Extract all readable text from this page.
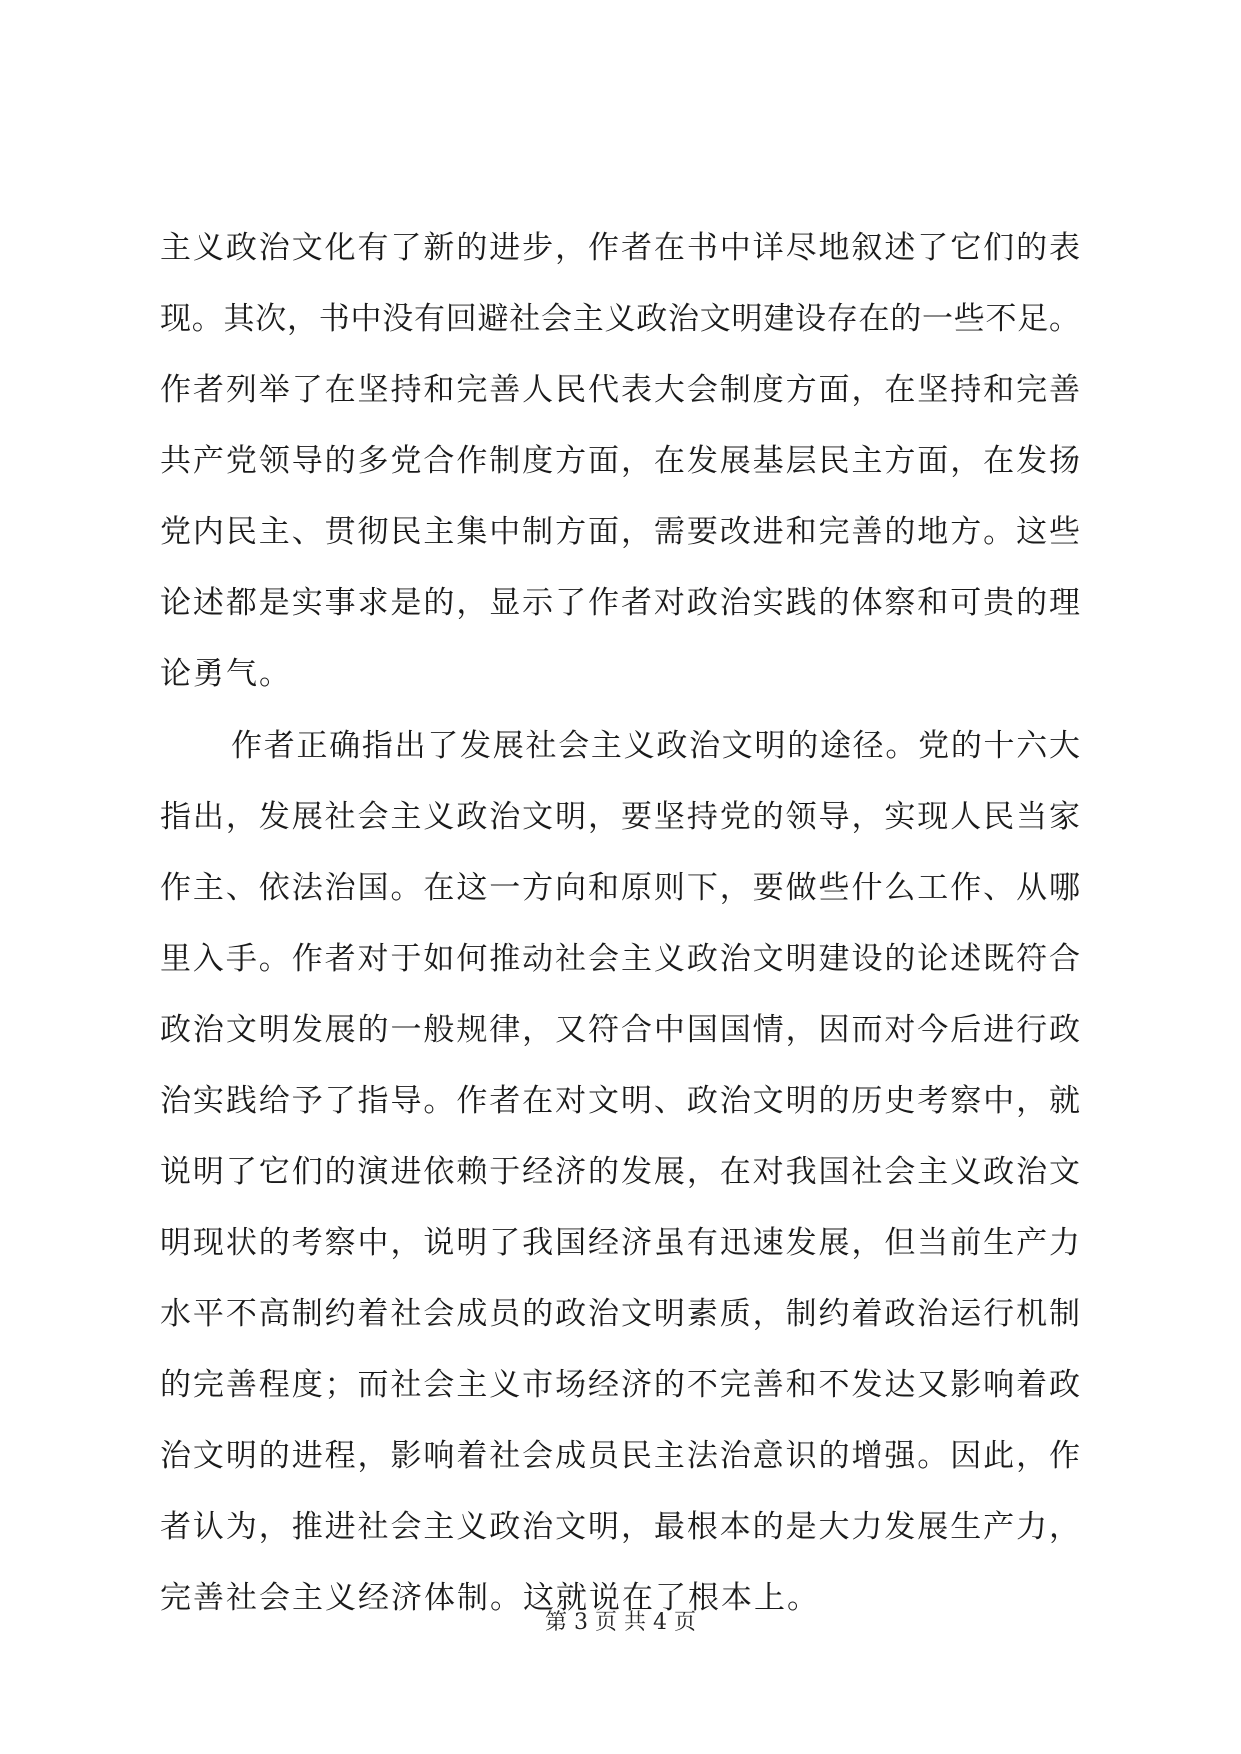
主义政治文化有了新的进步，作者在书中详尽地叙述了它们的表
现。其次，书中没有回避社会主义政治文明建设存在的一些不足。
作者列举了在坚持和完善人民代表大会制度方面，在坚持和完善
共产党领导的多党合作制度方面，在发展基层民主方面，在发扬
党内民主、贯彻民主集中制方面，需要改进和完善的地方。这些
论述都是实事求是的，显示了作者对政治实践的体察和可贵的理
论勇气。
作者正确指出了发展社会主义政治文明的途径。党的十六大
指出，发展社会主义政治文明，要坚持党的领导，实现人民当家
作主、依法治国。在这一方向和原则下，要做些什么工作、从哪
里入手。作者对于如何推动社会主义政治文明建设的论述既符合
政治文明发展的一般规律，又符合中国国情，因而对今后进行政
治实践给予了指导。作者在对文明、政治文明的历史考察中，就
说明了它们的演进依赖于经济的发展，在对我国社会主义政治文
明现状的考察中，说明了我国经济虽有迅速发展，但当前生产力
水平不高制约着社会成员的政治文明素质，制约着政治运行机制
的完善程度；而社会主义市场经济的不完善和不发达又影响着政
治文明的进程，影响着社会成员民主法治意识的增强。因此，作
者认为，推进社会主义政治文明，最根本的是大力发展生产力，
完善社会主义经济体制。这就说在了根本上。
第 3 页 共 4 页
